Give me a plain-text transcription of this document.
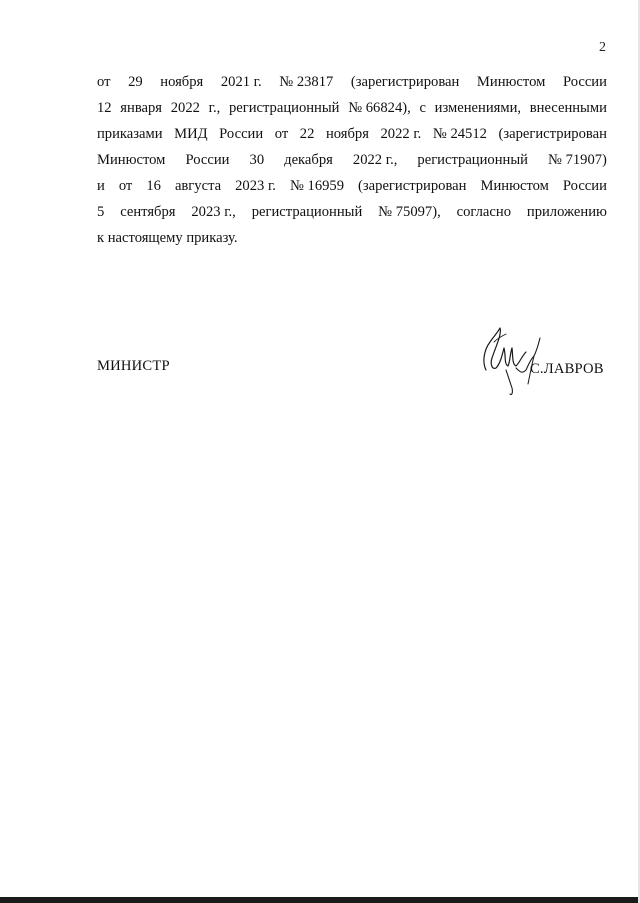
2
от 29 ноября 2021 г. № 23817 (зарегистрирован Минюстом России
12 января 2022 г., регистрационный № 66824), с изменениями, внесенными
приказами МИД России от 22 ноября 2022 г. № 24512 (зарегистрирован
Минюстом России 30 декабря 2022 г., регистрационный № 71907)
и от 16 августа 2023 г. № 16959 (зарегистрирован Минюстом России
5 сентября 2023 г., регистрационный № 75097), согласно приложению
к настоящему приказу.
МИНИСТР	С.ЛАВРОВ
